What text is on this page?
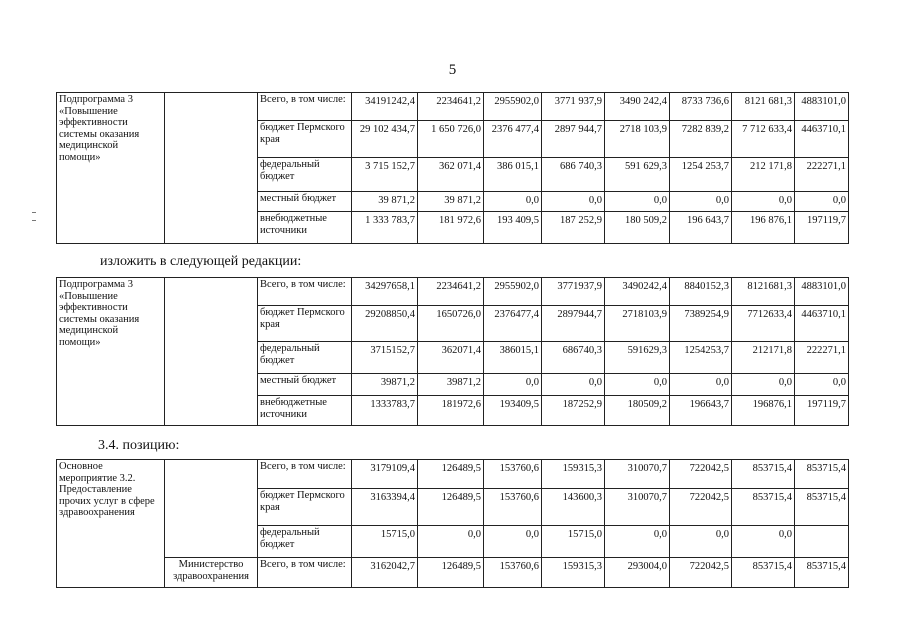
5
Подпрограмма 3 «Повышение эффективности системы оказания медицинской помощи»		Всего, в том числе:	34191242,4	2234641,2	2955902,0	3771 937,9	3490 242,4	8733 736,6	8121 681,3	4883101,0
		бюджет Пермского края	29 102 434,7	1 650 726,0	2376 477,4	2897 944,7	2718 103,9	7282 839,2	7 712 633,4	4463710,1
		федеральный бюджет	3 715 152,7	362 071,4	386 015,1	686 740,3	591 629,3	1254 253,7	212 171,8	222271,1
		местный бюджет	39 871,2	39 871,2	0,0	0,0	0,0	0,0	0,0	0,0
		внебюджетные источники	1 333 783,7	181 972,6	193 409,5	187 252,9	180 509,2	196 643,7	196 876,1	197119,7
изложить в следующей редакции:
Подпрограмма 3 «Повышение эффективности системы оказания медицинской помощи»		Всего, в том числе:	34297658,1	2234641,2	2955902,0	3771937,9	3490242,4	8840152,3	8121681,3	4883101,0
		бюджет Пермского края	29208850,4	1650726,0	2376477,4	2897944,7	2718103,9	7389254,9	7712633,4	4463710,1
		федеральный бюджет	3715152,7	362071,4	386015,1	686740,3	591629,3	1254253,7	212171,8	222271,1
		местный бюджет	39871,2	39871,2	0,0	0,0	0,0	0,0	0,0	0,0
		внебюджетные источники	1333783,7	181972,6	193409,5	187252,9	180509,2	196643,7	196876,1	197119,7
3.4. позицию:
Основное мероприятие 3.2. Предоставление прочих услуг в сфере здравоохранения		Всего, в том числе:	3179109,4	126489,5	153760,6	159315,3	310070,7	722042,5	853715,4	853715,4
		бюджет Пермского края	3163394,4	126489,5	153760,6	143600,3	310070,7	722042,5	853715,4	853715,4
		федеральный бюджет	15715,0	0,0	0,0	15715,0	0,0	0,0	0,0	
	Министерство здравоохранения	Всего, в том числе:	3162042,7	126489,5	153760,6	159315,3	293004,0	722042,5	853715,4	853715,4
